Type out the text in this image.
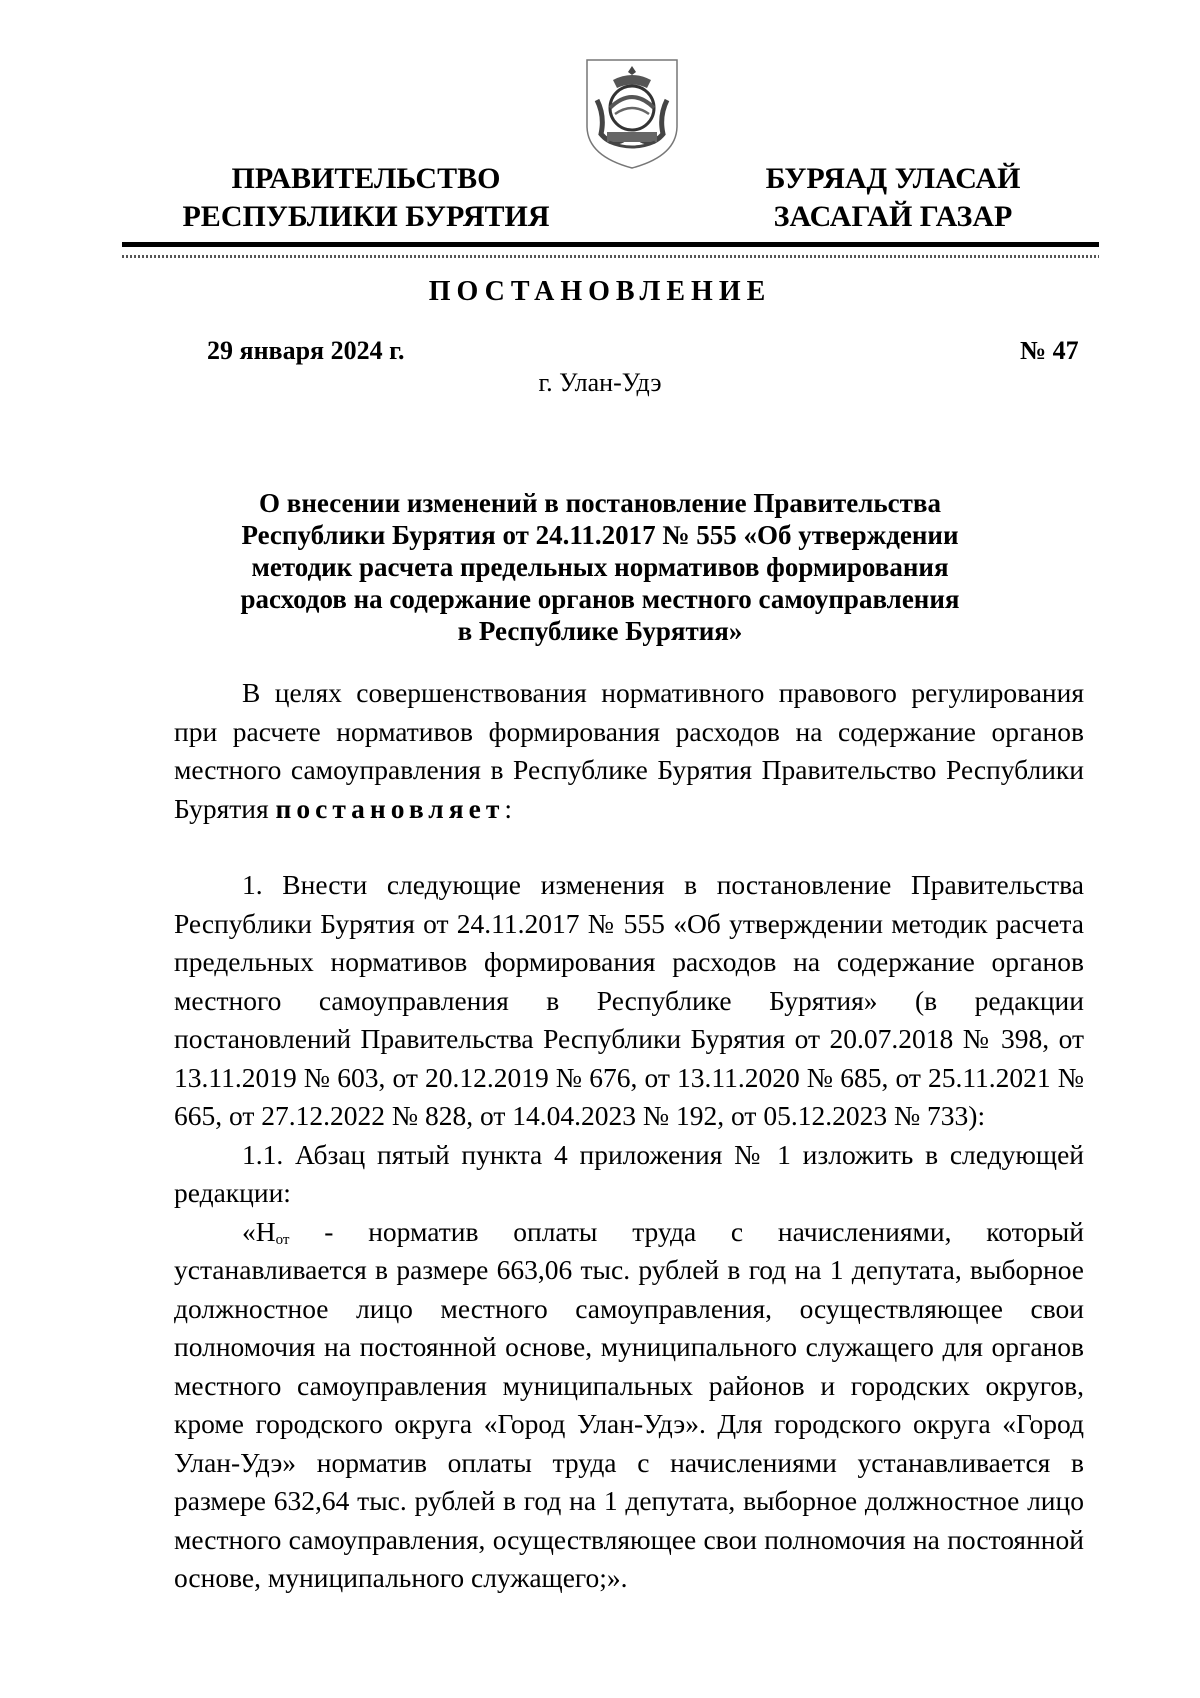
ПРАВИТЕЛЬСТВО
РЕСПУБЛИКИ БУРЯТИЯ
БУРЯАД УЛАСАЙ
ЗАСАГАЙ ГАЗАР
ПОСТАНОВЛЕНИЕ
29 января 2024 г.	№ 47
г. Улан-Удэ
О внесении изменений в постановление Правительства
Республики Бурятия от 24.11.2017 № 555 «Об утверждении
методик расчета предельных нормативов формирования
расходов на содержание органов местного самоуправления
в Республике Бурятия»

В целях совершенствования нормативного правового регулирования при расчете нормативов формирования расходов на содержание органов местного самоуправления в Республике Бурятия Правительство Республики Бурятия постановляет:

1. Внести следующие изменения в постановление Правительства Республики Бурятия от 24.11.2017 № 555 «Об утверждении методик расчета предельных нормативов формирования расходов на содержание органов местного самоуправления в Республике Бурятия» (в редакции постановлений Правительства Республики Бурятия от 20.07.2018 № 398, от 13.11.2019 № 603, от 20.12.2019 № 676, от 13.11.2020 № 685, от 25.11.2021 № 665, от 27.12.2022 № 828, от 14.04.2023 № 192, от 05.12.2023 № 733):

1.1. Абзац пятый пункта 4 приложения № 1 изложить в следующей редакции:

«$Н_{от}$ - норматив оплаты труда с начислениями, который устанавливается в размере 663,06 тыс. рублей в год на 1 депутата, выборное должностное лицо местного самоуправления, осуществляющее свои полномочия на постоянной основе, муниципального служащего для органов местного самоуправления муниципальных районов и городских округов, кроме городского округа «Город Улан-Удэ». Для городского округа «Город Улан-Удэ» норматив оплаты труда с начислениями устанавливается в размере 632,64 тыс. рублей в год на 1 депутата, выборное должностное лицо местного самоуправления, осуществляющее свои полномочия на постоянной основе, муниципального служащего;».
